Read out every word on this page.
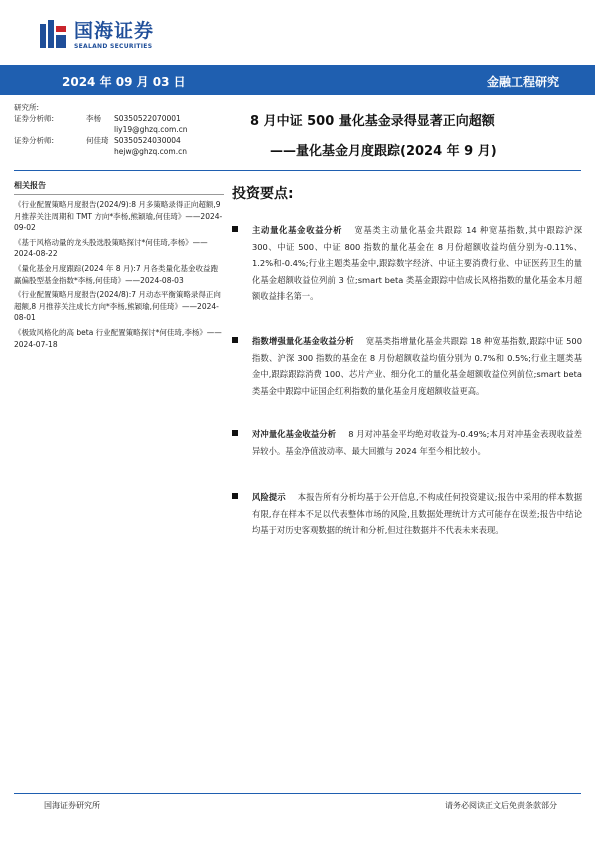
国海证券
SEALAND SECURITIES
2024 年 09 月 03 日	金融工程研究
研究所:
证券分析师:	李杨	S0350522070001
liy19@ghzq.com.cn
证券分析师:	何佳琦 S0350524030004
hejw@ghzq.com.cn
8 月中证 500 量化基金录得显著正向超额
——量化基金月度跟踪(2024 年 9 月)
相关报告

《行业配置策略月度报告(2024/9):8 月多策略录得正向超额,9 月推荐关注周期和 TMT 方向*李杨,熊颖瑜,何佳琦》——2024-09-02

《基于风格动量的龙头股选股策略探讨*何佳琦,李杨》——2024-08-22

《量化基金月度跟踪(2024 年 8 月):7 月各类量化基金收益跑赢偏股型基金指数*李杨,何佳琦》——2024-08-03

《行业配置策略月度报告(2024/8):7 月动态平衡策略录得正向超额,8 月推荐关注成长方向*李杨,熊颖瑜,何佳琦》——2024-08-01

《极致风格化的高 beta 行业配置策略探讨*何佳琦,李杨》——2024-07-18

投资要点:
主动量化基金收益分析 宽基类主动量化基金共跟踪 14 种宽基指数,其中跟踪沪深 300、中证 500、中证 800 指数的量化基金在 8 月份超额收益均值分别为-0.11%、1.2%和-0.4%;行业主题类基金中,跟踪数字经济、中证主要消费行业、中证医药卫生的量化基金超额收益位列前 3 位;smart beta 类基金跟踪中信成长风格指数的量化基金本月超额收益排名第一。
指数增强量化基金收益分析 宽基类指增量化基金共跟踪 18 种宽基指数,跟踪中证 500 指数、沪深 300 指数的基金在 8 月份超额收益均值分别为 0.7%和 0.5%;行业主题类基金中,跟踪跟踪消费 100、芯片产业、细分化工的量化基金超额收益位列前位;smart beta 类基金中跟踪中证国企红利指数的量化基金月度超额收益更高。
对冲量化基金收益分析 8 月对冲基金平均绝对收益为-0.49%;本月对冲基金表现收益差异较小。基金净值波动率、最大回撤与 2024 年至今相比较小。
风险提示 本报告所有分析均基于公开信息,不构成任何投资建议;报告中采用的样本数据有限,存在样本不足以代表整体市场的风险,且数据处理统计方式可能存在误差;报告中结论均基于对历史客观数据的统计和分析,但过往数据并不代表未来表现。
国海证券研究所	请务必阅读正文后免责条款部分
